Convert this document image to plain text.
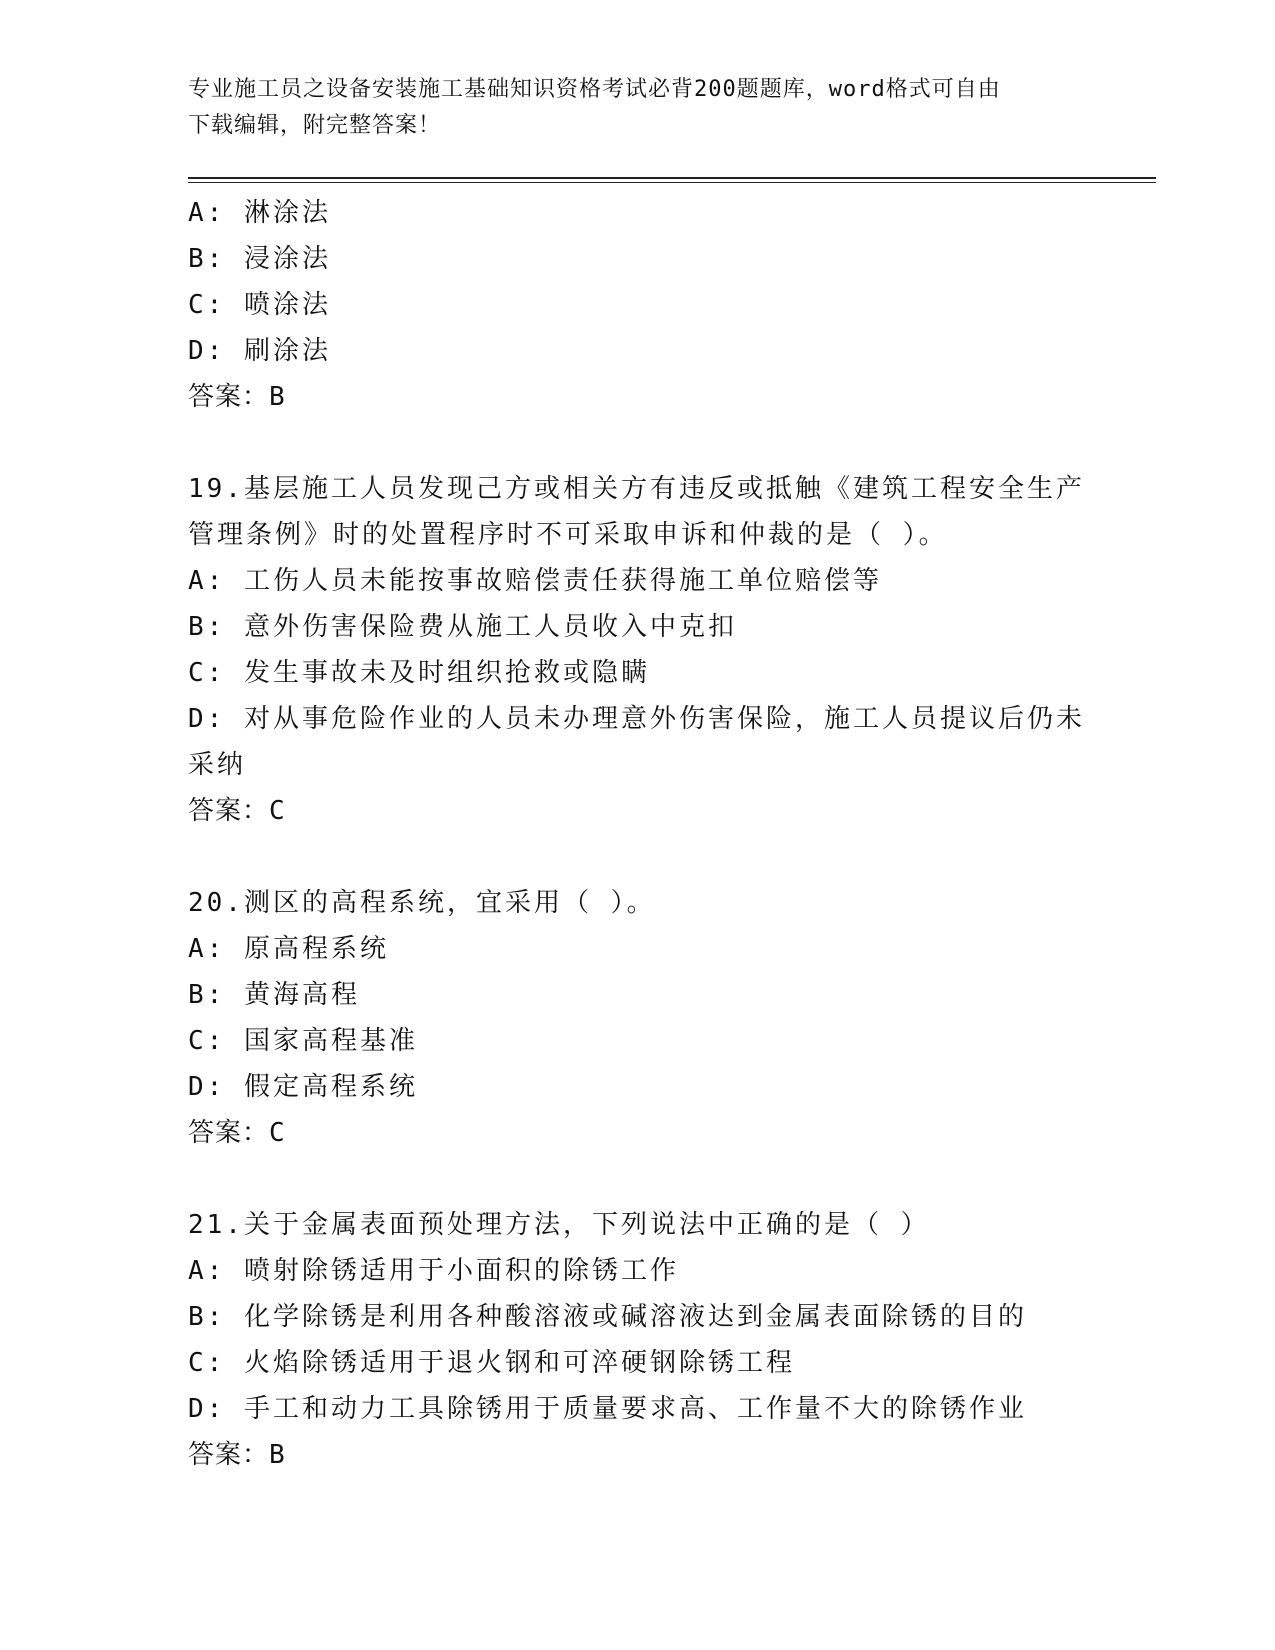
专业施工员之设备安装施工基础知识资格考试必背200题题库，word格式可自由
下载编辑，附完整答案！
A: 淋涂法
B: 浸涂法
C: 喷涂法
D: 刷涂法
答案：B
19.基层施工人员发现己方或相关方有违反或抵触《建筑工程安全生产
管理条例》时的处置程序时不可采取申诉和仲裁的是（ ）。
A: 工伤人员未能按事故赔偿责任获得施工单位赔偿等
B: 意外伤害保险费从施工人员收入中克扣
C: 发生事故未及时组织抢救或隐瞒
D: 对从事危险作业的人员未办理意外伤害保险，施工人员提议后仍未
采纳
答案：C
20.测区的高程系统，宜采用（ ）。
A: 原高程系统
B: 黄海高程
C: 国家高程基准
D: 假定高程系统
答案：C
21.关于金属表面预处理方法，下列说法中正确的是（ ）
A: 喷射除锈适用于小面积的除锈工作
B: 化学除锈是利用各种酸溶液或碱溶液达到金属表面除锈的目的
C: 火焰除锈适用于退火钢和可淬硬钢除锈工程
D: 手工和动力工具除锈用于质量要求高、工作量不大的除锈作业
答案：B
